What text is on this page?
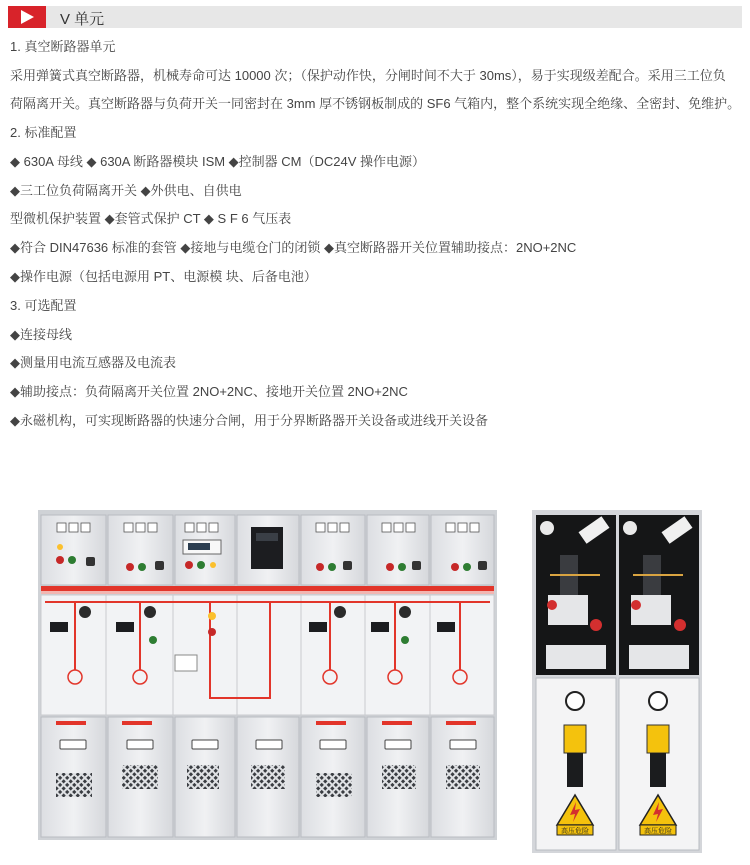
V 单元
1. 真空断路器单元
采用弹簧式真空断路器，机械寿命可达 10000 次；（保护动作快，分闸时间不大于 30ms），易于实现级差配合。采用三工位负
荷隔离开关。真空断路器与负荷开关一同密封在 3mm 厚不锈钢板制成的 SF6 气箱内，整个系统实现全绝缘、全密封、免维护。
2. 标准配置
◆ 630A 母线 ◆ 630A 断路器模块 ISM ◆控制器 CM（DC24V 操作电源）
◆三工位负荷隔离开关 ◆外供电、自供电
型微机保护装置 ◆套管式保护 CT ◆ S F 6 气压表
◆符合 DIN47636 标准的套管 ◆接地与电缆仓门的闭锁 ◆真空断路器开关位置辅助接点：2NO+2NC
◆操作电源（包括电源用 PT、电源模 块、后备电池）
3. 可选配置
◆连接母线
◆测量用电流互感器及电流表
◆辅助接点：负荷隔离开关位置 2NO+2NC、接地开关位置 2NO+2NC
◆永磁机构，可实现断路器的快速分合闸，用于分界断路器开关设备或进线开关设备
高压危险	高压危险
